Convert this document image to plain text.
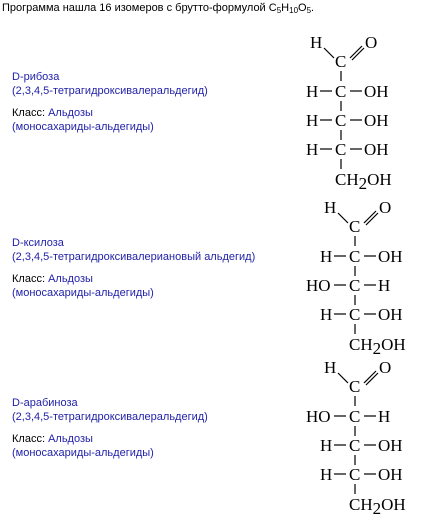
Программа нашла 16 изомеров с брутто-формулой $C_5H_{10}O_5$.
D-рибоза
(2,3,4,5-тетрагидроксивалеральдегид)
Класс: Альдозы
(моносахариды-альдегиды)
H	O
C
H C OH
H C OH
H C OH
CH2OH
D-ксилоза
(2,3,4,5-тетрагидроксивалериановый альдегид)
Класс: Альдозы
(моносахариды-альдегиды)
H	O
C
H C OH
HO C H
H C OH
CH2OH
D-арабиноза
(2,3,4,5-тетрагидроксивалеральдегид)
Класс: Альдозы
(моносахариды-альдегиды)
H	O
C
HO C H
H C OH
H C OH
CH2OH
